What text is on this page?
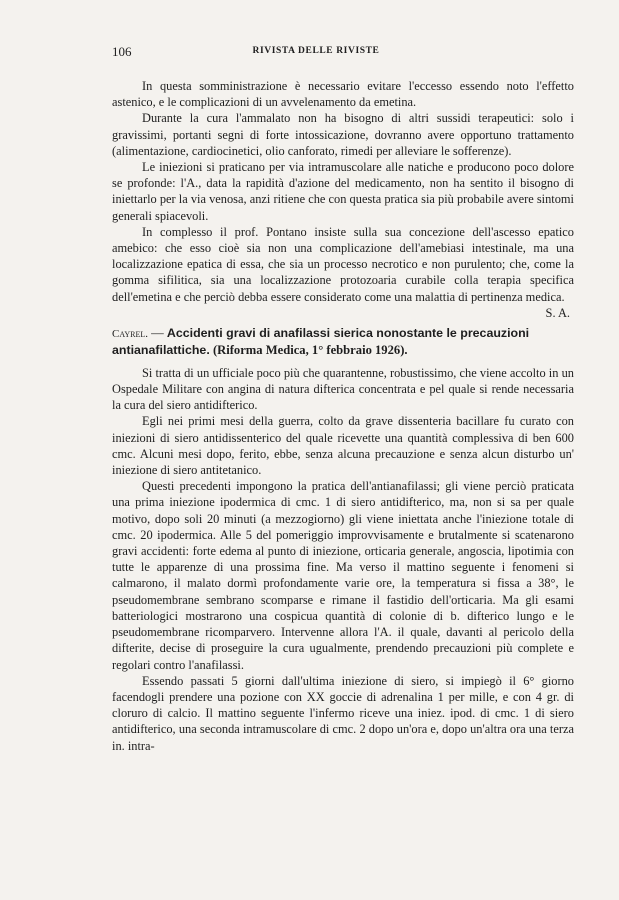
106	RIVISTA DELLE RIVISTE

In questa somministrazione è necessario evitare l'eccesso essendo noto l'effetto astenico, e le complicazioni di un avvelenamento da emetina.

Durante la cura l'ammalato non ha bisogno di altri sussidi terapeutici: solo i gravissimi, portanti segni di forte intossicazione, dovranno avere opportuno trattamento (alimentazione, cardiocinetici, olio canforato, rimedi per alleviare le sofferenze).

Le iniezioni si praticano per via intramuscolare alle natiche e producono poco dolore se profonde: l'A., data la rapidità d'azione del medicamento, non ha sentito il bisogno di iniettarlo per la via venosa, anzi ritiene che con questa pratica sia più probabile avere sintomi generali spiacevoli.

In complesso il prof. Pontano insiste sulla sua concezione dell'ascesso epatico amebico: che esso cioè sia non una complicazione dell'amebiasi intestinale, ma una localizzazione epatica di essa, che sia un processo necrotico e non purulento; che, come la gomma sifilitica, sia una localizzazione protozoaria curabile colla terapia specifica dell'emetina e che perciò debba essere considerato come una malattia di pertinenza medica.
S. A.

Cayrel. — Accidenti gravi di anafilassi sierica nonostante le precauzioni antianafilattiche. (Riforma Medica, 1° febbraio 1926).

Si tratta di un ufficiale poco più che quarantenne, robustissimo, che viene accolto in un Ospedale Militare con angina di natura difterica concentrata e pel quale si rende necessaria la cura del siero antidifterico.

Egli nei primi mesi della guerra, colto da grave dissenteria bacillare fu curato con iniezioni di siero antidissenterico del quale ricevette una quantità complessiva di ben 600 cmc. Alcuni mesi dopo, ferito, ebbe, senza alcuna precauzione e senza alcun disturbo un' iniezione di siero antitetanico.

Questi precedenti impongono la pratica dell'antianafilassi; gli viene perciò praticata una prima iniezione ipodermica di cmc. 1 di siero antidifterico, ma, non si sa per quale motivo, dopo soli 20 minuti (a mezzogiorno) gli viene iniettata anche l'iniezione totale di cmc. 20 ipodermica. Alle 5 del pomeriggio improvvisamente e brutalmente si scatenarono gravi accidenti: forte edema al punto di iniezione, orticaria generale, angoscia, lipotimia con tutte le apparenze di una prossima fine. Ma verso il mattino seguente i fenomeni si calmarono, il malato dormì profondamente varie ore, la temperatura si fissa a 38°, le pseudomembrane sembrano scomparse e rimane il fastidio dell'orticaria. Ma gli esami batteriologici mostrarono una cospicua quantità di colonie di b. difterico lungo e le pseudomembrane ricomparvero. Intervenne allora l'A. il quale, davanti al pericolo della difterite, decise di proseguire la cura ugualmente, prendendo precauzioni più complete e regolari contro l'anafilassi.

Essendo passati 5 giorni dall'ultima iniezione di siero, si impiegò il 6° giorno facendogli prendere una pozione con XX goccie di adrenalina 1 per mille, e con 4 gr. di cloruro di calcio. Il mattino seguente l'infermo riceve una iniez. ipod. di cmc. 1 di siero antidifterico, una seconda intramuscolare di cmc. 2 dopo un'ora e, dopo un'altra ora una terza in. intra-
